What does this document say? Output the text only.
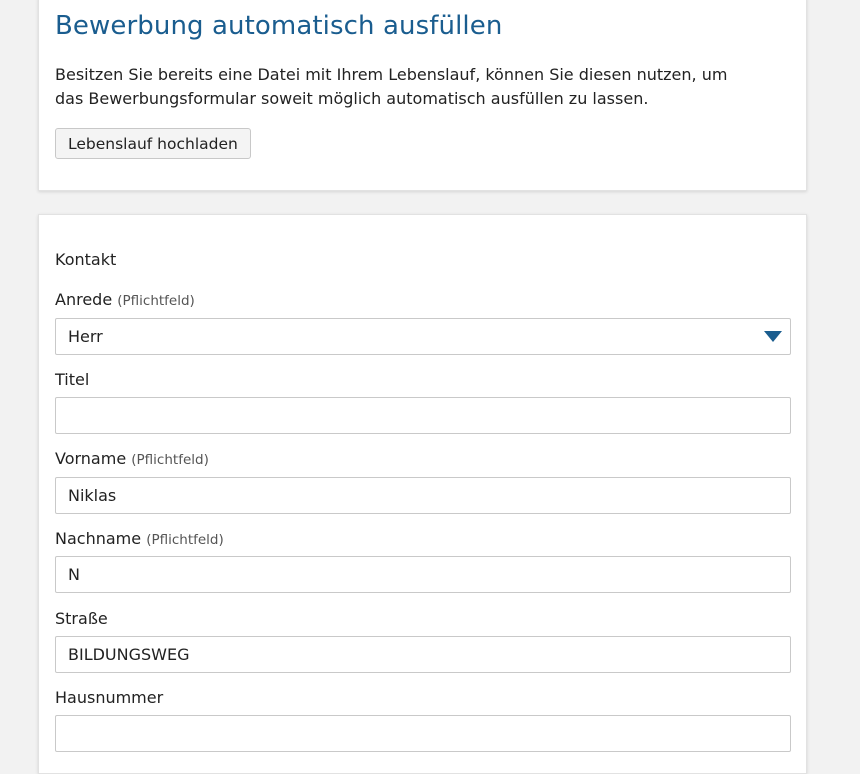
Bewerbung automatisch ausfüllen

Besitzen Sie bereits eine Datei mit Ihrem Lebenslauf, können Sie diesen nutzen, um das Bewerbungsformular soweit möglich automatisch ausfüllen zu lassen.

Lebenslauf hochladen
Kontakt
Anrede (Pflichtfeld)
Herr
Titel
Vorname (Pflichtfeld)
Niklas
Nachname (Pflichtfeld)
N
Straße
BILDUNGSWEG
Hausnummer
